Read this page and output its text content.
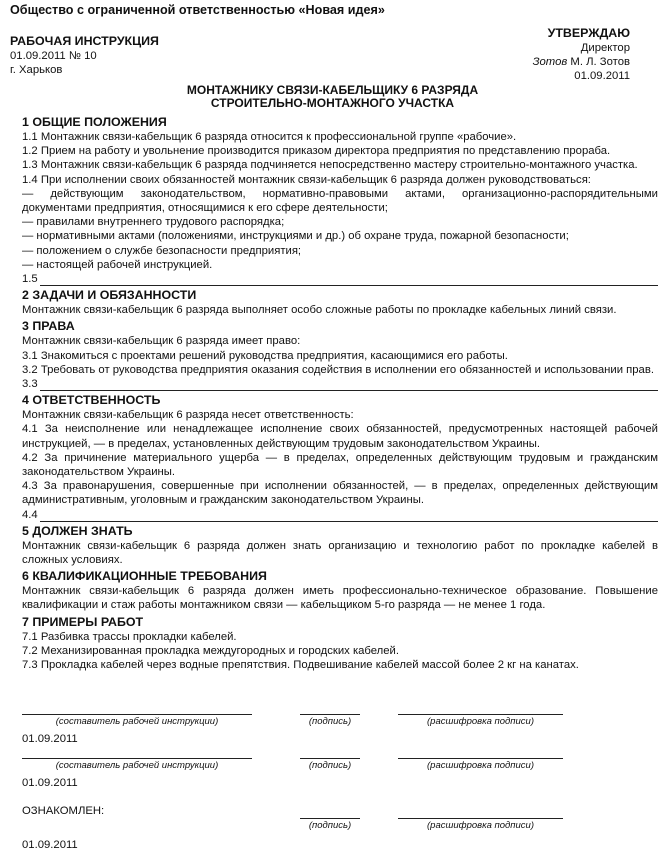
Общество с ограниченной ответственностью «Новая идея»
РАБОЧАЯ ИНСТРУКЦИЯ
01.09.2011 № 10
г. Харьков
УТВЕРЖДАЮ
Директор
Зотов М. Л. Зотов
01.09.2011
МОНТАЖНИКУ СВЯЗИ-КАБЕЛЬЩИКУ 6 РАЗРЯДА
СТРОИТЕЛЬНО-МОНТАЖНОГО УЧАСТКА
1 ОБЩИЕ ПОЛОЖЕНИЯ

1.1 Монтажник связи-кабельщик 6 разряда относится к профессиональной группе «рабочие».

1.2 Прием на работу и увольнение производится приказом директора предприятия по представлению прораба.

1.3 Монтажник связи-кабельщик 6 разряда подчиняется непосредственно мастеру строительно-монтажного участка.

1.4 При исполнении своих обязанностей монтажник связи-кабельщик 6 разряда должен руководствоваться:

— действующим законодательством, нормативно-правовыми актами, организационно-распорядительными документами предприятия, относящимися к его сфере деятельности;

— правилами внутреннего трудового распорядка;

— нормативными актами (положениями, инструкциями и др.) об охране труда, пожарной безопасности;

— положением о службе безопасности предприятия;

— настоящей рабочей инструкцией.

1.5
2 ЗАДАЧИ И ОБЯЗАННОСТИ

Монтажник связи-кабельщик 6 разряда выполняет особо сложные работы по прокладке кабельных линий связи.

3 ПРАВА

Монтажник связи-кабельщик 6 разряда имеет право:

3.1 Знакомиться с проектами решений руководства предприятия, касающимися его работы.

3.2 Требовать от руководства предприятия оказания содействия в исполнении его обязанностей и использовании прав.

3.3
4 ОТВЕТСТВЕННОСТЬ

Монтажник связи-кабельщик 6 разряда несет ответственность:

4.1 За неисполнение или ненадлежащее исполнение своих обязанностей, предусмотренных настоящей рабочей инструкцией, — в пределах, установленных действующим трудовым законодательством Украины.

4.2 За причинение материального ущерба — в пределах, определенных действующим трудовым и гражданским законодательством Украины.

4.3 За правонарушения, совершенные при исполнении обязанностей, — в пределах, определенных действующим административным, уголовным и гражданским законодательством Украины.

4.4
5 ДОЛЖЕН ЗНАТЬ

Монтажник связи-кабельщик 6 разряда должен знать организацию и технологию работ по прокладке кабелей в сложных условиях.

6 КВАЛИФИКАЦИОННЫЕ ТРЕБОВАНИЯ

Монтажник связи-кабельщик 6 разряда должен иметь профессионально-техническое образование. Повышение квалификации и стаж работы монтажником связи — кабельщиком 5-го разряда — не менее 1 года.

7 ПРИМЕРЫ РАБОТ

7.1 Разбивка трассы прокладки кабелей.

7.2 Механизированная прокладка междугородных и городских кабелей.

7.3 Прокладка кабелей через водные препятствия. Подвешивание кабелей массой более 2 кг на канатах.

(составитель рабочей инструкции)	(подпись)	(расшифровка подписи)
01.09.2011
(составитель рабочей инструкции)	(подпись)	(расшифровка подписи)
01.09.2011
ОЗНАКОМЛЕН:
(подпись)	(расшифровка подписи)
01.09.2011
